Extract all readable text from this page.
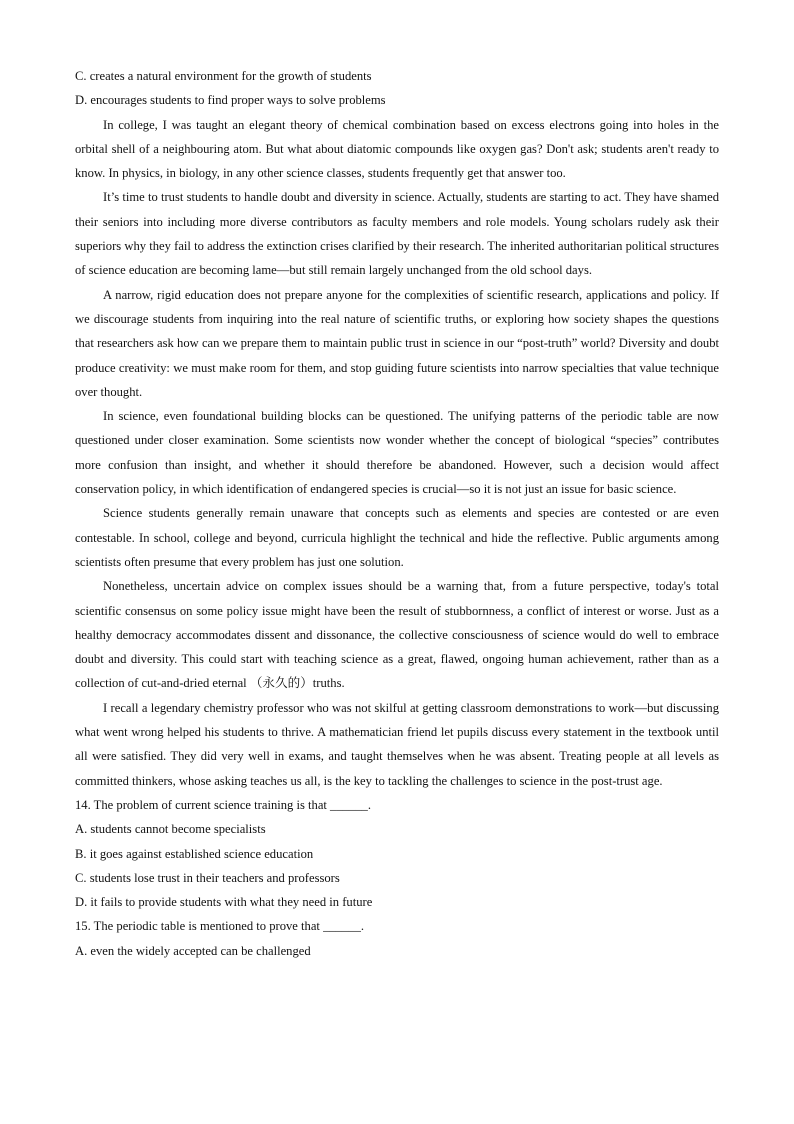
C. creates a natural environment for the growth of students

D. encourages students to find proper ways to solve problems

In college, I was taught an elegant theory of chemical combination based on excess electrons going into holes in the orbital shell of a neighbouring atom. But what about diatomic compounds like oxygen gas? Don't ask; students aren't ready to know. In physics, in biology, in any other science classes, students frequently get that answer too.

It’s time to trust students to handle doubt and diversity in science. Actually, students are starting to act. They have shamed their seniors into including more diverse contributors as faculty members and role models. Young scholars rudely ask their superiors why they fail to address the extinction crises clarified by their research. The inherited authoritarian political structures of science education are becoming lame—but still remain largely unchanged from the old school days.

A narrow, rigid education does not prepare anyone for the complexities of scientific research, applications and policy. If we discourage students from inquiring into the real nature of scientific truths, or exploring how society shapes the questions that researchers ask how can we prepare them to maintain public trust in science in our “post-truth” world? Diversity and doubt produce creativity: we must make room for them, and stop guiding future scientists into narrow specialties that value technique over thought.

In science, even foundational building blocks can be questioned. The unifying patterns of the periodic table are now questioned under closer examination. Some scientists now wonder whether the concept of biological “species” contributes more confusion than insight, and whether it should therefore be abandoned. However, such a decision would affect conservation policy, in which identification of endangered species is crucial—so it is not just an issue for basic science.

Science students generally remain unaware that concepts such as elements and species are contested or are even contestable. In school, college and beyond, curricula highlight the technical and hide the reflective. Public arguments among scientists often presume that every problem has just one solution.

Nonetheless, uncertain advice on complex issues should be a warning that, from a future perspective, today's total scientific consensus on some policy issue might have been the result of stubbornness, a conflict of interest or worse. Just as a healthy democracy accommodates dissent and dissonance, the collective consciousness of science would do well to embrace doubt and diversity. This could start with teaching science as a great, flawed, ongoing human achievement, rather than as a collection of cut-and-dried eternal （永久的）truths.

I recall a legendary chemistry professor who was not skilful at getting classroom demonstrations to work—but discussing what went wrong helped his students to thrive. A mathematician friend let pupils discuss every statement in the textbook until all were satisfied. They did very well in exams, and taught themselves when he was absent. Treating people at all levels as committed thinkers, whose asking teaches us all, is the key to tackling the challenges to science in the post-trust age.

14. The problem of current science training is that ______.

A. students cannot become specialists

B. it goes against established science education

C. students lose trust in their teachers and professors

D. it fails to provide students with what they need in future

15. The periodic table is mentioned to prove that ______.

A. even the widely accepted can be challenged
